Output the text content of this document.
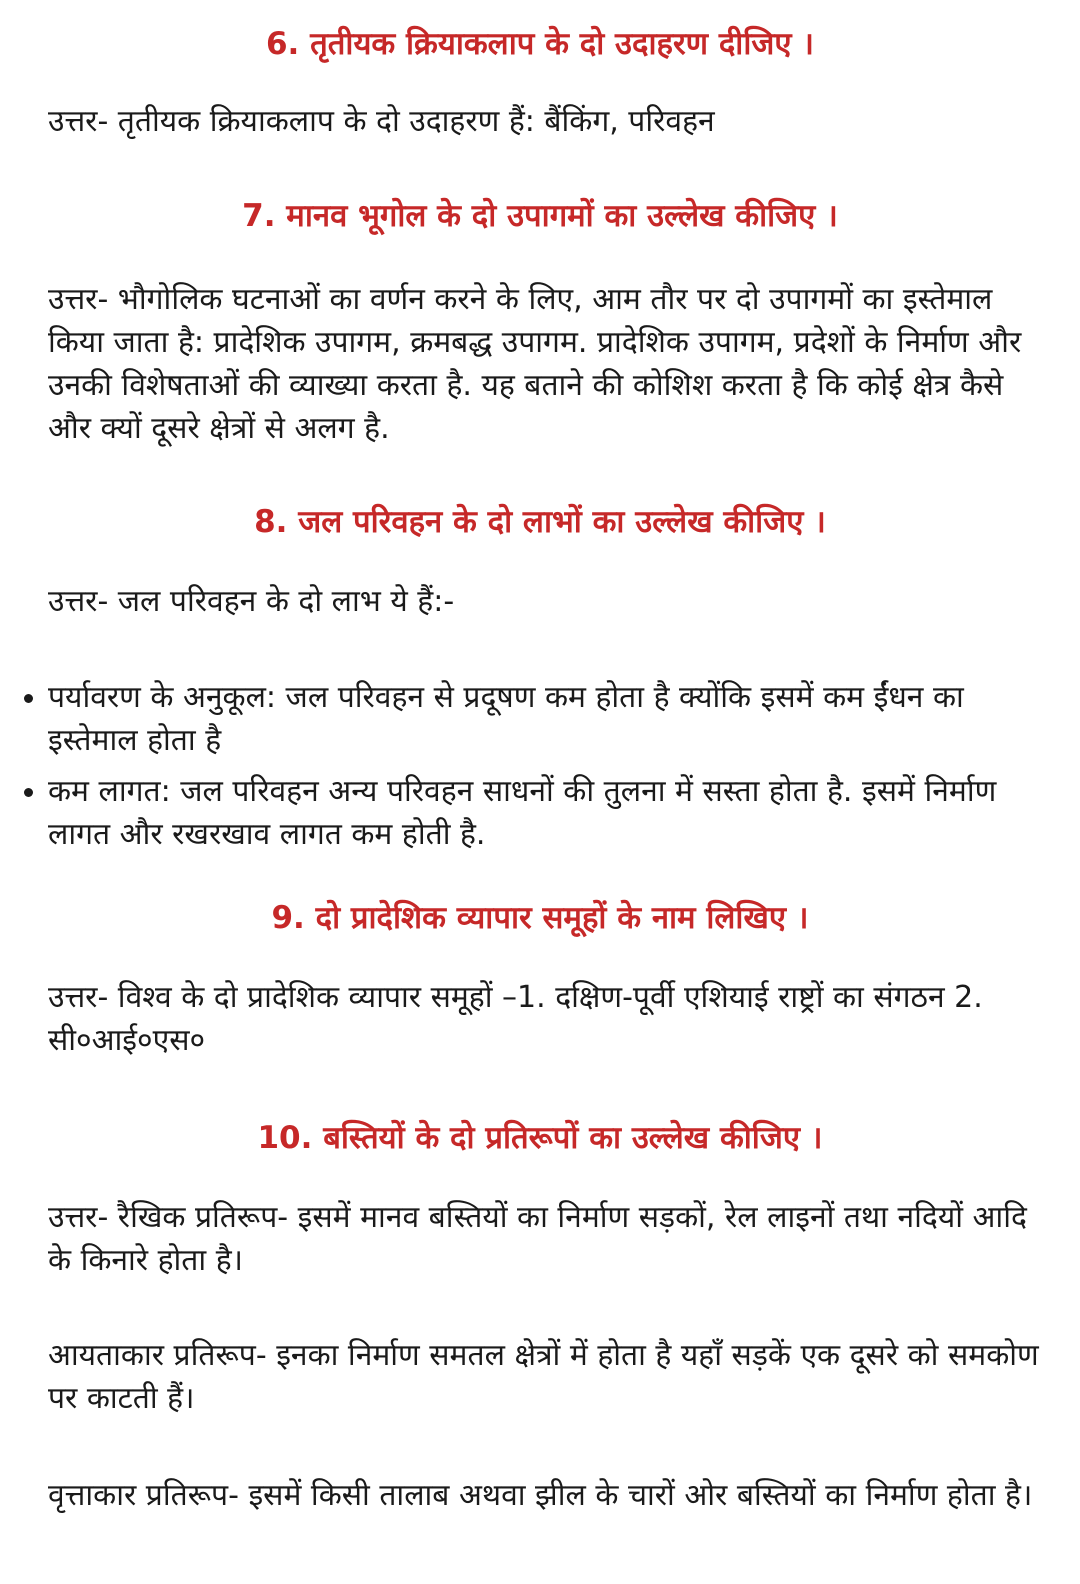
6. तृतीयक क्रियाकलाप के दो उदाहरण दीजिए ।

उत्तर- तृतीयक क्रियाकलाप के दो उदाहरण हैं: बैंकिंग, परिवहन

7. मानव भूगोल के दो उपागमों का उल्लेख कीजिए ।

उत्तर- भौगोलिक घटनाओं का वर्णन करने के लिए, आम तौर पर दो उपागमों का इस्तेमाल किया जाता है: प्रादेशिक उपागम, क्रमबद्ध उपागम. प्रादेशिक उपागम, प्रदेशों के निर्माण और उनकी विशेषताओं की व्याख्या करता है. यह बताने की कोशिश करता है कि कोई क्षेत्र कैसे और क्यों दूसरे क्षेत्रों से अलग है.

8. जल परिवहन के दो लाभों का उल्लेख कीजिए ।

उत्तर- जल परिवहन के दो लाभ ये हैं:-

पर्यावरण के अनुकूल: जल परिवहन से प्रदूषण कम होता है क्योंकि इसमें कम ईंधन का इस्तेमाल होता है
कम लागत: जल परिवहन अन्य परिवहन साधनों की तुलना में सस्ता होता है. इसमें निर्माण लागत और रखरखाव लागत कम होती है.
9. दो प्रादेशिक व्यापार समूहों के नाम लिखिए ।

उत्तर- विश्व के दो प्रादेशिक व्यापार समूहों –1. दक्षिण-पूर्वी एशियाई राष्ट्रों का संगठन 2. सी०आई०एस०

10. बस्तियों के दो प्रतिरूपों का उल्लेख कीजिए ।

उत्तर- रैखिक प्रतिरूप- इसमें मानव बस्तियों का निर्माण सड़कों, रेल लाइनों तथा नदियों आदि के किनारे होता है।

आयताकार प्रतिरूप- इनका निर्माण समतल क्षेत्रों में होता है यहाँ सड़कें एक दूसरे को समकोण पर काटती हैं।

वृत्ताकार प्रतिरूप- इसमें किसी तालाब अथवा झील के चारों ओर बस्तियों का निर्माण होता है।
